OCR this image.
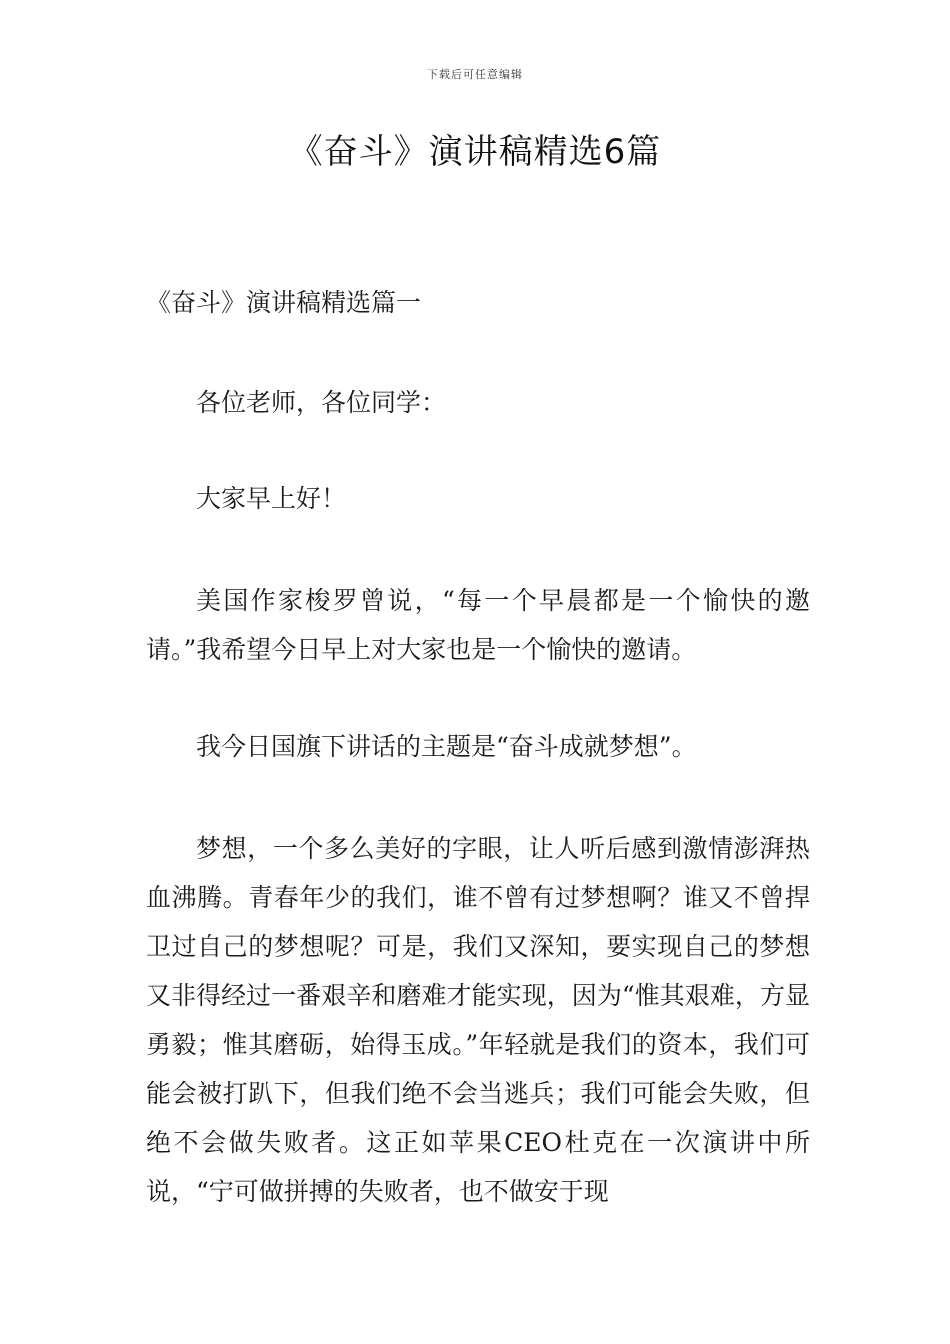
下载后可任意编辑
《奋斗》演讲稿精选6篇

《奋斗》演讲稿精选篇一

各位老师，各位同学：

大家早上好！

美国作家梭罗曾说，“每一个早晨都是一个愉快的邀请。”我希望今日早上对大家也是一个愉快的邀请。

我今日国旗下讲话的主题是“奋斗成就梦想”。

梦想，一个多么美好的字眼，让人听后感到激情澎湃热血沸腾。青春年少的我们，谁不曾有过梦想啊？谁又不曾捍卫过自己的梦想呢？可是，我们又深知，要实现自己的梦想又非得经过一番艰辛和磨难才能实现，因为“惟其艰难，方显勇毅；惟其磨砺，始得玉成。”年轻就是我们的资本，我们可能会被打趴下，但我们绝不会当逃兵；我们可能会失败，但绝不会做失败者。这正如苹果CEO杜克在一次演讲中所说，“宁可做拼搏的失败者，也不做安于现
